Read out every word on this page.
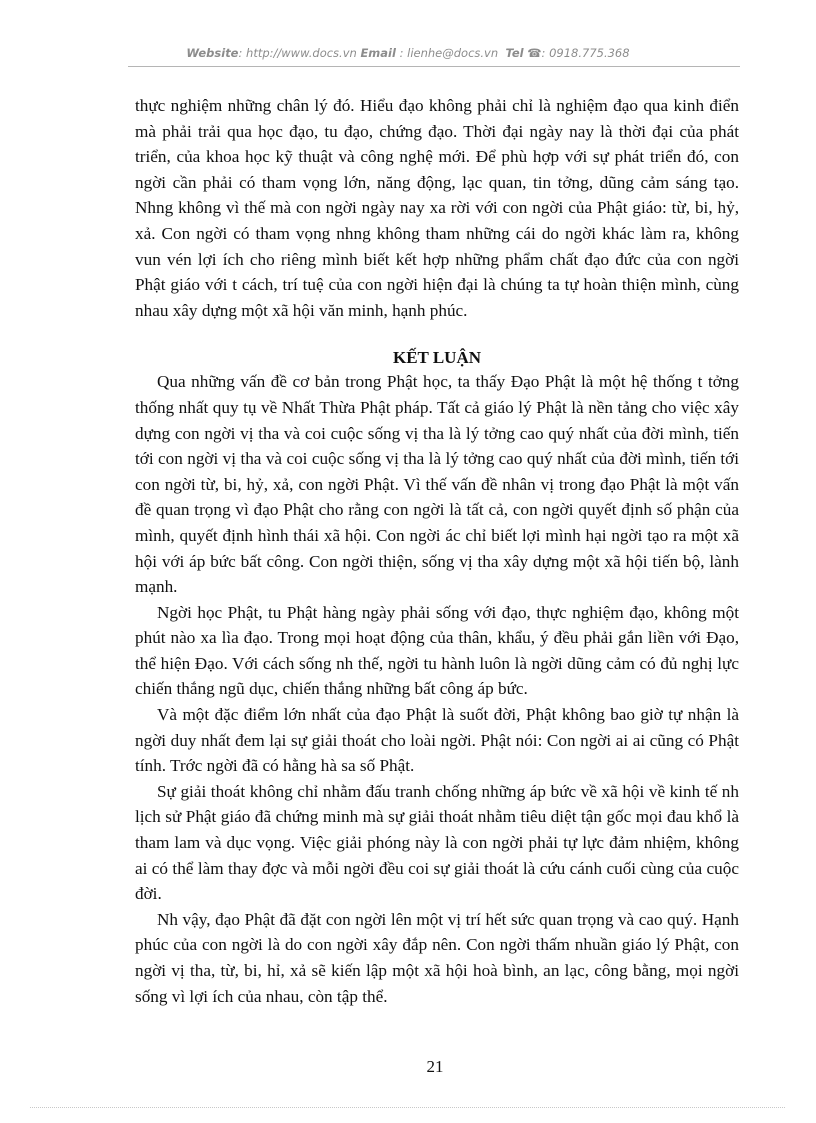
Website: http://www.docs.vn Email : lienhe@docs.vn Tel ☎: 0918.775.368

thực nghiệm những chân lý đó. Hiểu đạo không phải chỉ là nghiệm đạo qua kinh điển mà phải trải qua học đạo, tu đạo, chứng đạo. Thời đại ngày nay là thời đại của phát triển, của khoa học kỹ thuật và công nghệ mới. Để phù hợp với sự phát triển đó, con ngời cần phải có tham vọng lớn, năng động, lạc quan, tin tởng, dũng cảm sáng tạo. Nhng không vì thế mà con ngời ngày nay xa rời với con ngời của Phật giáo: từ, bi, hỷ, xả. Con ngời có tham vọng nhng không tham những cái do ngời khác làm ra, không vun vén lợi ích cho riêng mình biết kết hợp những phẩm chất đạo đức của con ngời Phật giáo với t cách, trí tuệ của con ngời hiện đại là chúng ta tự hoàn thiện mình, cùng nhau xây dựng một xã hội văn minh, hạnh phúc.

KẾT LUẬN

Qua những vấn đề cơ bản trong Phật học, ta thấy Đạo Phật là một hệ thống t tởng thống nhất quy tụ về Nhất Thừa Phật pháp. Tất cả giáo lý Phật là nền tảng cho việc xây dựng con ngời vị tha và coi cuộc sống vị tha là lý tởng cao quý nhất của đời mình, tiến tới con ngời vị tha và coi cuộc sống vị tha là lý tởng cao quý nhất của đời mình, tiến tới con ngời từ, bi, hỷ, xả, con ngời Phật. Vì thế vấn đề nhân vị trong đạo Phật là một vấn đề quan trọng vì đạo Phật cho rằng con ngời là tất cả, con ngời quyết định số phận của mình, quyết định hình thái xã hội. Con ngời ác chỉ biết lợi mình hại ngời tạo ra một xã hội với áp bức bất công. Con ngời thiện, sống vị tha xây dựng một xã hội tiến bộ, lành mạnh.

Ngời học Phật, tu Phật hàng ngày phải sống với đạo, thực nghiệm đạo, không một phút nào xa lìa đạo. Trong mọi hoạt động của thân, khẩu, ý đều phải gắn liền với Đạo, thể hiện Đạo. Với cách sống nh thế, ngời tu hành luôn là ngời dũng cảm có đủ nghị lực chiến thắng ngũ dục, chiến thắng những bất công áp bức.

Và một đặc điểm lớn nhất của đạo Phật là suốt đời, Phật không bao giờ tự nhận là ngời duy nhất đem lại sự giải thoát cho loài ngời. Phật nói: Con ngời ai ai cũng có Phật tính. Trớc ngời đã có hằng hà sa số Phật.

Sự giải thoát không chỉ nhằm đấu tranh chống những áp bức về xã hội về kinh tế nh lịch sử Phật giáo đã chứng minh mà sự giải thoát nhằm tiêu diệt tận gốc mọi đau khổ là tham lam và dục vọng. Việc giải phóng này là con ngời phải tự lực đảm nhiệm, không ai có thể làm thay đợc và mỗi ngời đều coi sự giải thoát là cứu cánh cuối cùng của cuộc đời.

Nh vậy, đạo Phật đã đặt con ngời lên một vị trí hết sức quan trọng và cao quý. Hạnh phúc của con ngời là do con ngời xây đắp nên. Con ngời thấm nhuần giáo lý Phật, con ngời vị tha, từ, bi, hỉ, xả sẽ kiến lập một xã hội hoà bình, an lạc, công bằng, mọi ngời sống vì lợi ích của nhau, còn tập thể.

21
